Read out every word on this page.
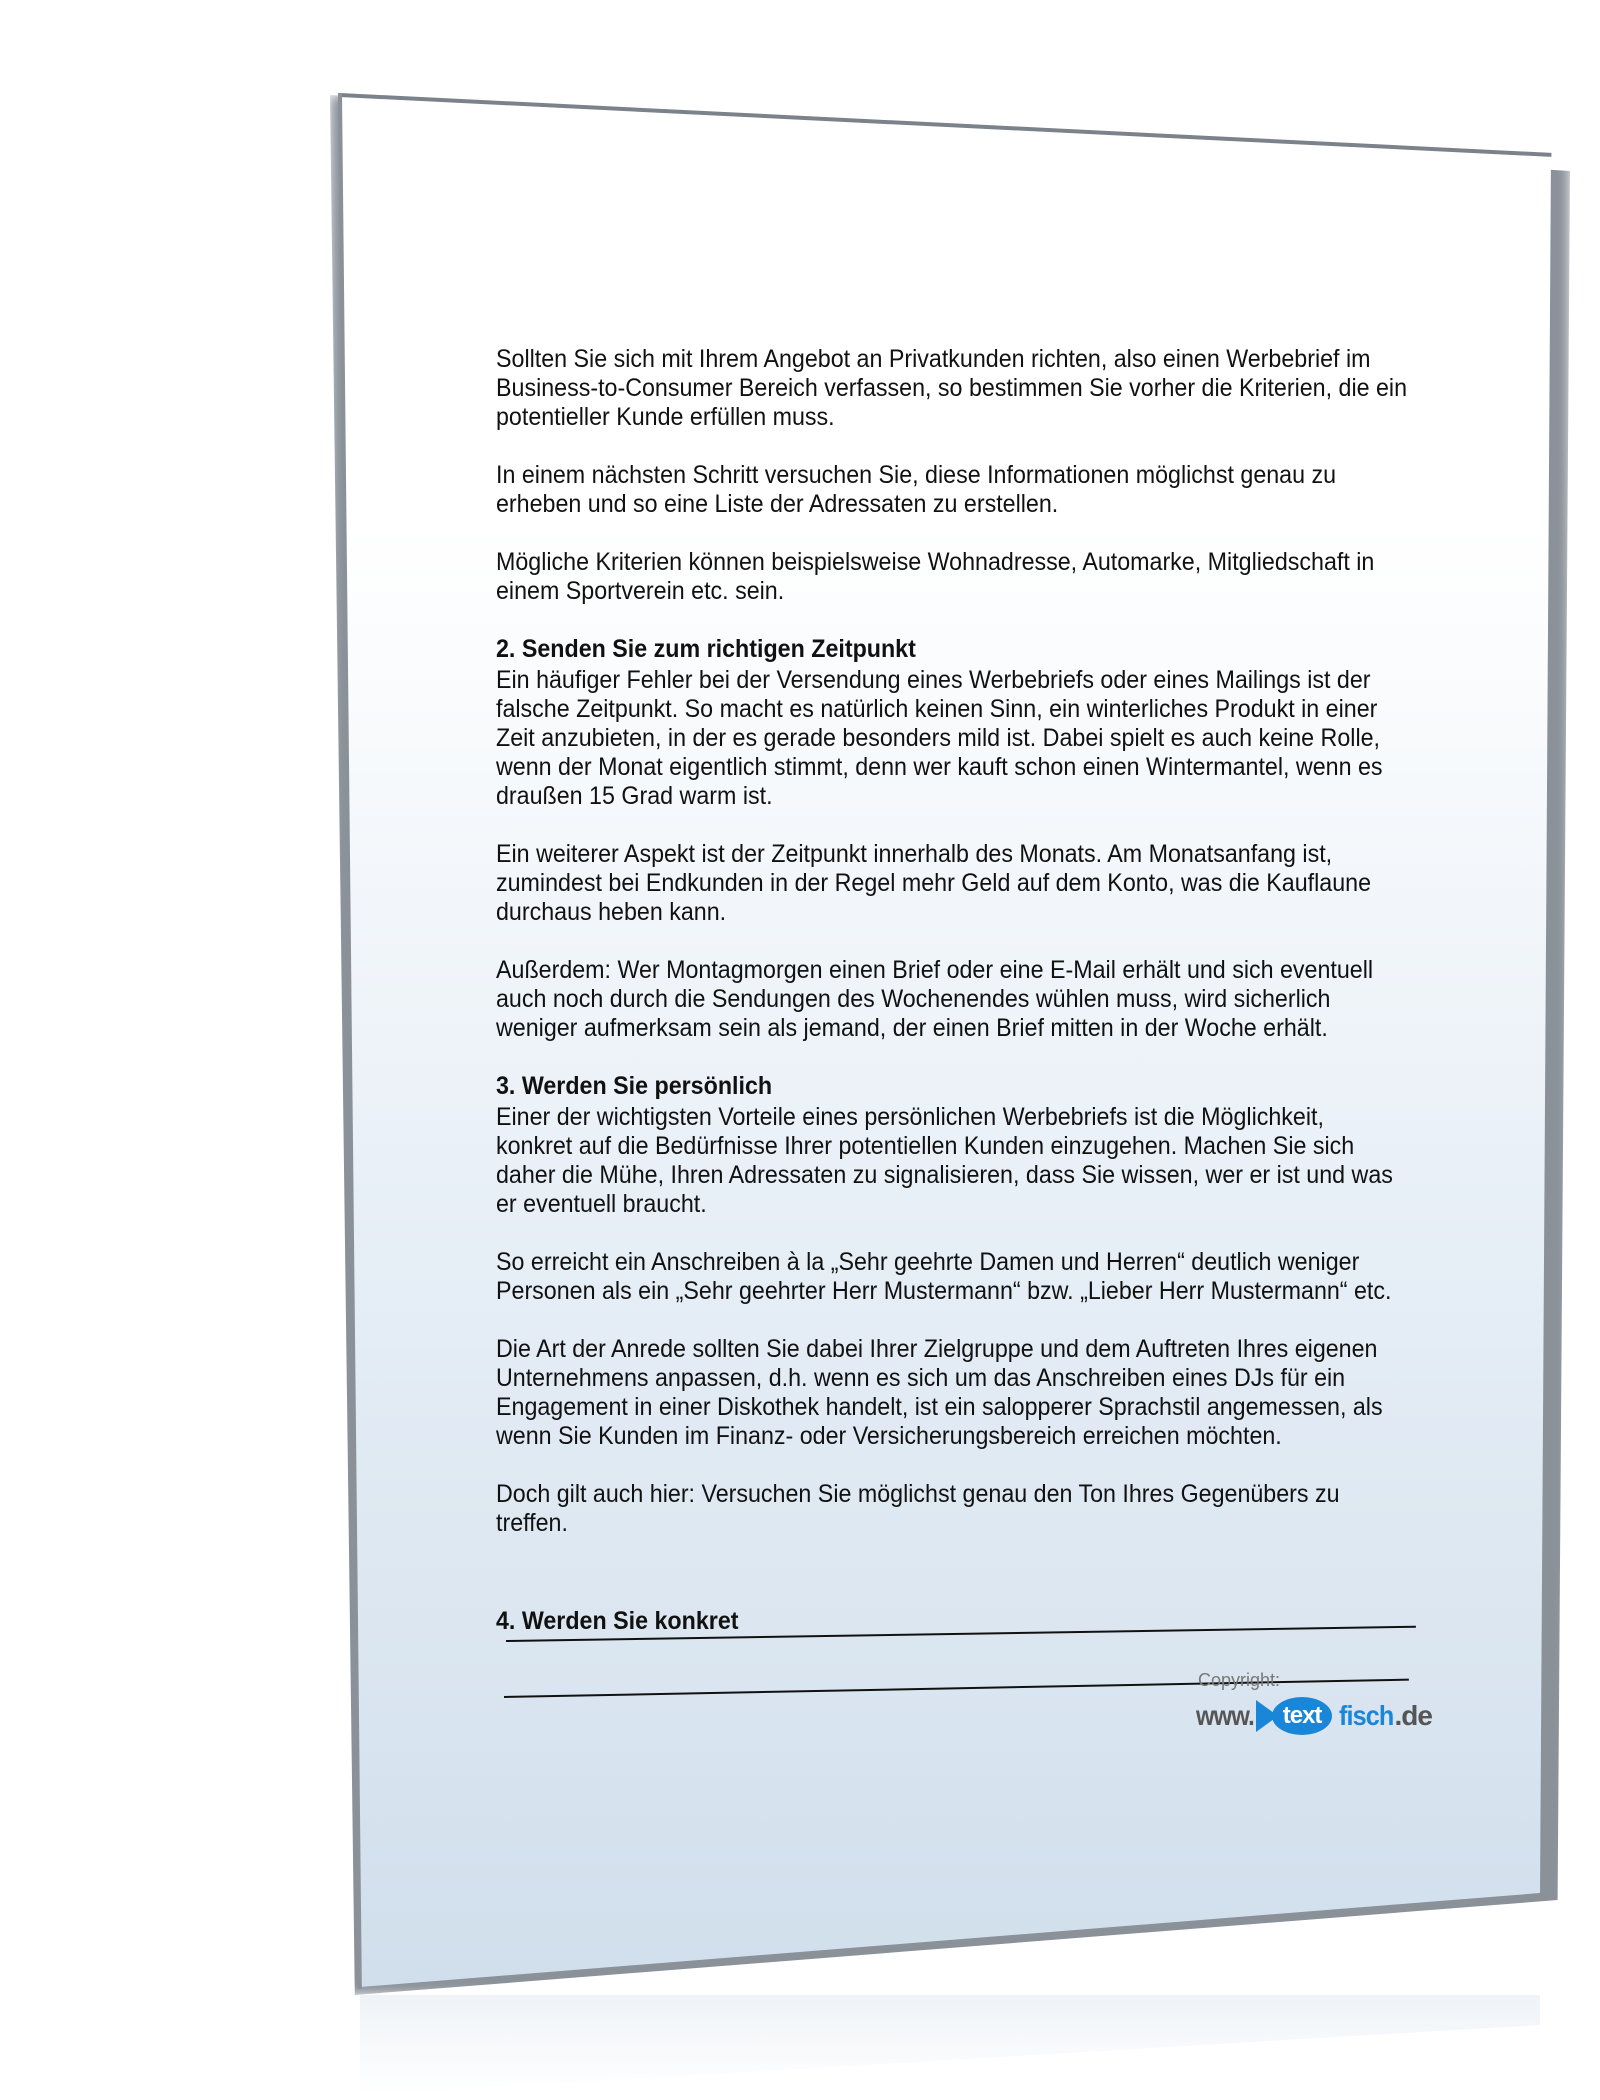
Sollten Sie sich mit Ihrem Angebot an Privatkunden richten, also einen Werbebrief im
Business-to-Consumer Bereich verfassen, so bestimmen Sie vorher die Kriterien, die ein
potentieller Kunde erfüllen muss.
In einem nächsten Schritt versuchen Sie, diese Informationen möglichst genau zu
erheben und so eine Liste der Adressaten zu erstellen.
Mögliche Kriterien können beispielsweise Wohnadresse, Automarke, Mitgliedschaft in
einem Sportverein etc. sein.
2. Senden Sie zum richtigen Zeitpunkt
Ein häufiger Fehler bei der Versendung eines Werbebriefs oder eines Mailings ist der
falsche Zeitpunkt. So macht es natürlich keinen Sinn, ein winterliches Produkt in einer
Zeit anzubieten, in der es gerade besonders mild ist. Dabei spielt es auch keine Rolle,
wenn der Monat eigentlich stimmt, denn wer kauft schon einen Wintermantel, wenn es
draußen 15 Grad warm ist.
Ein weiterer Aspekt ist der Zeitpunkt innerhalb des Monats. Am Monatsanfang ist,
zumindest bei Endkunden in der Regel mehr Geld auf dem Konto, was die Kauflaune
durchaus heben kann.
Außerdem: Wer Montagmorgen einen Brief oder eine E-Mail erhält und sich eventuell
auch noch durch die Sendungen des Wochenendes wühlen muss, wird sicherlich
weniger aufmerksam sein als jemand, der einen Brief mitten in der Woche erhält.
3. Werden Sie persönlich
Einer der wichtigsten Vorteile eines persönlichen Werbebriefs ist die Möglichkeit,
konkret auf die Bedürfnisse Ihrer potentiellen Kunden einzugehen. Machen Sie sich
daher die Mühe, Ihren Adressaten zu signalisieren, dass Sie wissen, wer er ist und was
er eventuell braucht.
So erreicht ein Anschreiben à la „Sehr geehrte Damen und Herren“ deutlich weniger
Personen als ein „Sehr geehrter Herr Mustermann“ bzw. „Lieber Herr Mustermann“ etc.
Die Art der Anrede sollten Sie dabei Ihrer Zielgruppe und dem Auftreten Ihres eigenen
Unternehmens anpassen, d.h. wenn es sich um das Anschreiben eines DJs für ein
Engagement in einer Diskothek handelt, ist ein salopperer Sprachstil angemessen, als
wenn Sie Kunden im Finanz- oder Versicherungsbereich erreichen möchten.
Doch gilt auch hier: Versuchen Sie möglichst genau den Ton Ihres Gegenübers zu
treffen.
4. Werden Sie konkret
Copyright:
www.	text fisch .de
